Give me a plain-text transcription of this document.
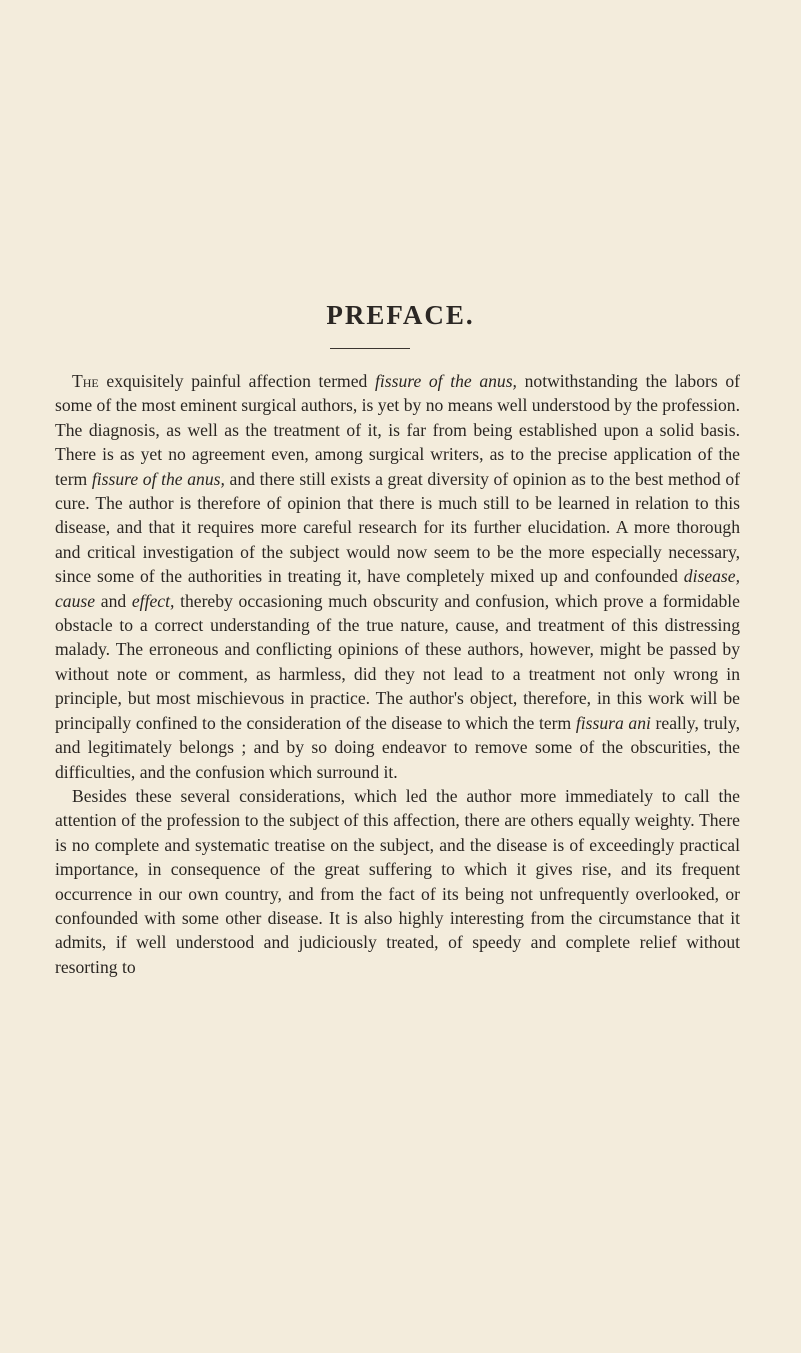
PREFACE.

The exquisitely painful affection termed fissure of the anus, notwithstanding the labors of some of the most eminent surgical authors, is yet by no means well understood by the profession. The diagnosis, as well as the treatment of it, is far from being established upon a solid basis. There is as yet no agreement even, among surgical writers, as to the precise application of the term fissure of the anus, and there still exists a great diversity of opinion as to the best method of cure. The author is therefore of opinion that there is much still to be learned in relation to this disease, and that it requires more careful research for its further elucidation. A more thorough and critical investigation of the subject would now seem to be the more especially necessary, since some of the authorities in treating it, have completely mixed up and confounded disease, cause and effect, thereby occasioning much obscurity and confusion, which prove a formidable obstacle to a correct understanding of the true nature, cause, and treatment of this distressing malady. The erroneous and conflicting opinions of these authors, however, might be passed by without note or comment, as harmless, did they not lead to a treatment not only wrong in principle, but most mischievous in practice. The author's object, therefore, in this work will be principally confined to the consideration of the disease to which the term fissura ani really, truly, and legitimately belongs ; and by so doing endeavor to remove some of the obscurities, the difficulties, and the confusion which surround it.

Besides these several considerations, which led the author more immediately to call the attention of the profession to the subject of this affection, there are others equally weighty. There is no complete and systematic treatise on the subject, and the disease is of exceedingly practical importance, in consequence of the great suffering to which it gives rise, and its frequent occurrence in our own country, and from the fact of its being not unfrequently overlooked, or confounded with some other disease. It is also highly interesting from the circumstance that it admits, if well understood and judiciously treated, of speedy and complete relief without resorting to
